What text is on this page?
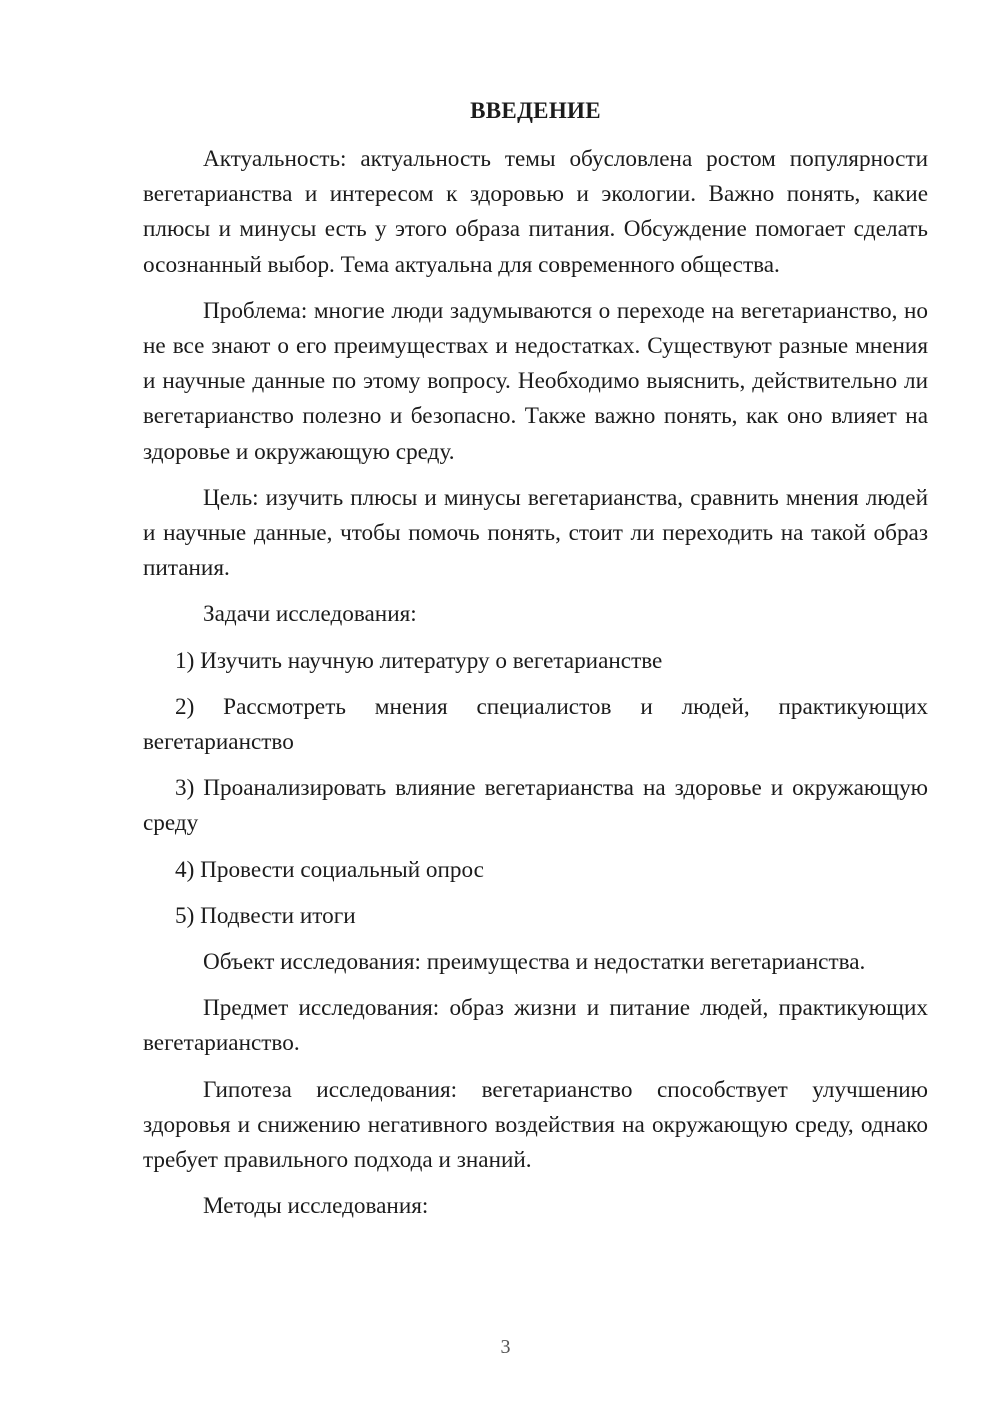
ВВЕДЕНИЕ

Актуальность: актуальность темы обусловлена ростом популярности вегетарианства и интересом к здоровью и экологии. Важно понять, какие плюсы и минусы есть у этого образа питания. Обсуждение помогает сделать осознанный выбор. Тема актуальна для современного общества.

Проблема: многие люди задумываются о переходе на вегетарианство, но не все знают о его преимуществах и недостатках. Существуют разные мнения и научные данные по этому вопросу. Необходимо выяснить, действительно ли вегетарианство полезно и безопасно. Также важно понять, как оно влияет на здоровье и окружающую среду.

Цель: изучить плюсы и минусы вегетарианства, сравнить мнения людей и научные данные, чтобы помочь понять, стоит ли переходить на такой образ питания.

Задачи исследования:

1) Изучить научную литературу о вегетарианстве

2) Рассмотреть мнения специалистов и людей, практикующих вегетарианство

3) Проанализировать влияние вегетарианства на здоровье и окружающую среду

4) Провести социальный опрос

5) Подвести итоги

Объект исследования: преимущества и недостатки вегетарианства.

Предмет исследования: образ жизни и питание людей, практикующих вегетарианство.

Гипотеза исследования: вегетарианство способствует улучшению здоровья и снижению негативного воздействия на окружающую среду, однако требует правильного подхода и знаний.

Методы исследования:

3
